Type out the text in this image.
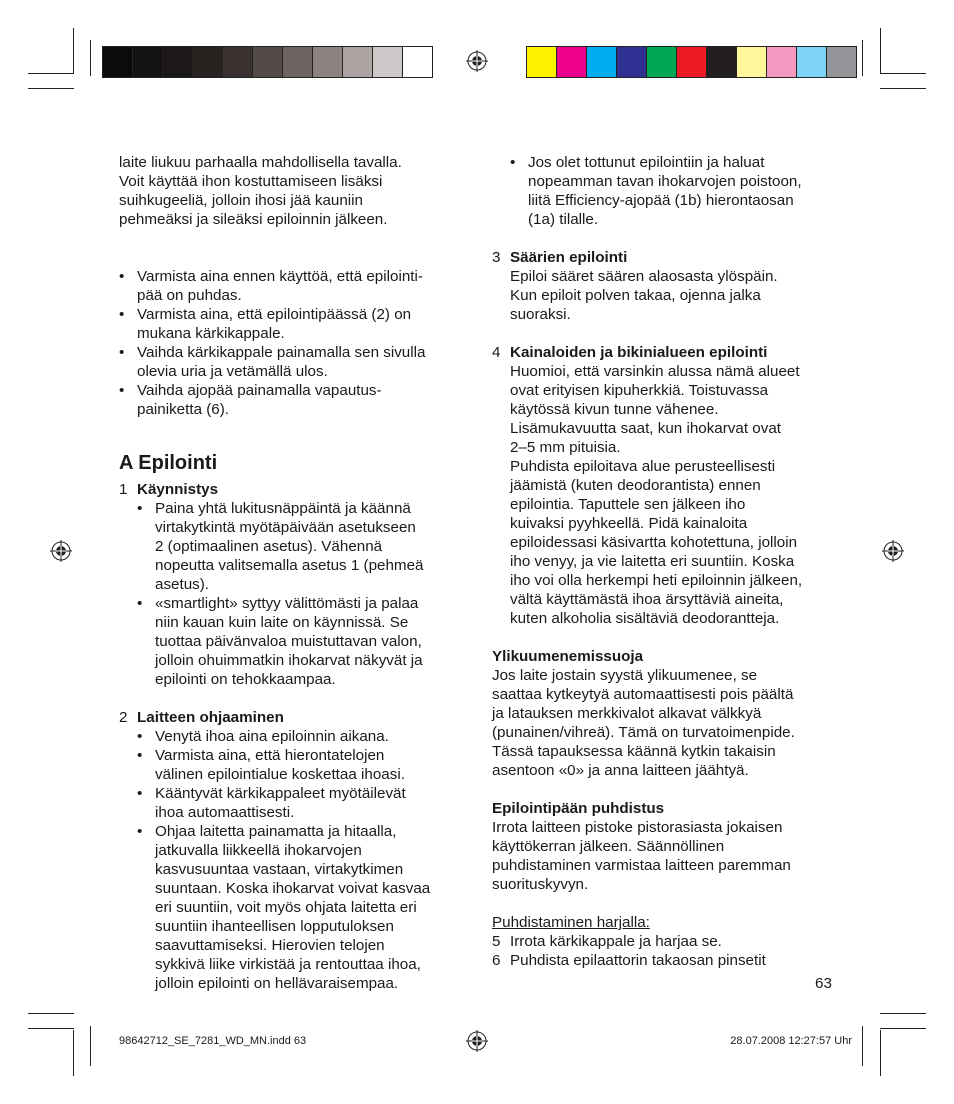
laite liukuu parhaalla mahdollisella tavalla.
Voit käyttää ihon kostuttamiseen lisäksi
suihkugeeliä, jolloin ihosi jää kauniin
pehmeäksi ja sileäksi epiloinnin jälkeen.
• Varmista aina ennen käyttöä, että epilointi-
pää on puhdas.
• Varmista aina, että epilointipäässä (2) on
mukana kärkikappale.
• Vaihda kärkikappale painamalla sen sivulla
olevia uria ja vetämällä ulos.
• Vaihda ajopää painamalla vapautus-
painiketta (6).
A Epilointi
1 Käynnistys
• Paina yhtä lukitusnäppäintä ja käännä
virtakytkintä myötäpäivään asetukseen
2 (optimaalinen asetus). Vähennä
nopeutta valitsemalla asetus 1 (pehmeä
asetus).
• «smartlight» syttyy välittömästi ja palaa
niin kauan kuin laite on käynnissä. Se
tuottaa päivänvaloa muistuttavan valon,
jolloin ohuimmatkin ihokarvat näkyvät ja
epilointi on tehokkaampaa.
2 Laitteen ohjaaminen
• Venytä ihoa aina epiloinnin aikana.
• Varmista aina, että hierontatelojen
välinen epilointialue koskettaa ihoasi.
• Kääntyvät kärkikappaleet myötäilevät
ihoa automaattisesti.
• Ohjaa laitetta painamatta ja hitaalla,
jatkuvalla liikkeellä ihokarvojen
kasvusuuntaa vastaan, virtakytkimen
suuntaan. Koska ihokarvat voivat kasvaa
eri suuntiin, voit myös ohjata laitetta eri
suuntiin ihanteellisen lopputuloksen
saavuttamiseksi. Hierovien telojen
sykkivä liike virkistää ja rentouttaa ihoa,
jolloin epilointi on hellävaraisempaa.
• Jos olet tottunut epilointiin ja haluat
nopeamman tavan ihokarvojen poistoon,
liitä Efficiency-ajopää (1b) hierontaosan
(1a) tilalle.
3 Säärien epilointi
Epiloi sääret säären alaosasta ylöspäin.
Kun epiloit polven takaa, ojenna jalka
suoraksi.
4 Kainaloiden ja bikinialueen epilointi
Huomioi, että varsinkin alussa nämä alueet
ovat erityisen kipuherkkiä. Toistuvassa
käytössä kivun tunne vähenee.
Lisämukavuutta saat, kun ihokarvat ovat
2–5 mm pituisia.
Puhdista epiloitava alue perusteellisesti
jäämistä (kuten deodorantista) ennen
epilointia. Taputtele sen jälkeen iho
kuivaksi pyyhkeellä. Pidä kainaloita
epiloidessasi käsivartta kohotettuna, jolloin
iho venyy, ja vie laitetta eri suuntiin. Koska
iho voi olla herkempi heti epiloinnin jälkeen,
vältä käyttämästä ihoa ärsyttäviä aineita,
kuten alkoholia sisältäviä deodorantteja.
Ylikuumenemissuoja
Jos laite jostain syystä ylikuumenee, se
saattaa kytkeytyä automaattisesti pois päältä
ja latauksen merkkivalot alkavat välkkyä
(punainen/vihreä). Tämä on turvatoimenpide.
Tässä tapauksessa käännä kytkin takaisin
asentoon «0» ja anna laitteen jäähtyä.
Epilointipään puhdistus
Irrota laitteen pistoke pistorasiasta jokaisen
käyttökerran jälkeen. Säännöllinen
puhdistaminen varmistaa laitteen paremman
suorituskyvyn.
Puhdistaminen harjalla:
5 Irrota kärkikappale ja harjaa se.
6 Puhdista epilaattorin takaosan pinsetit
63
98642712_SE_7281_WD_MN.indd 63	28.07.2008 12:27:57 Uhr
